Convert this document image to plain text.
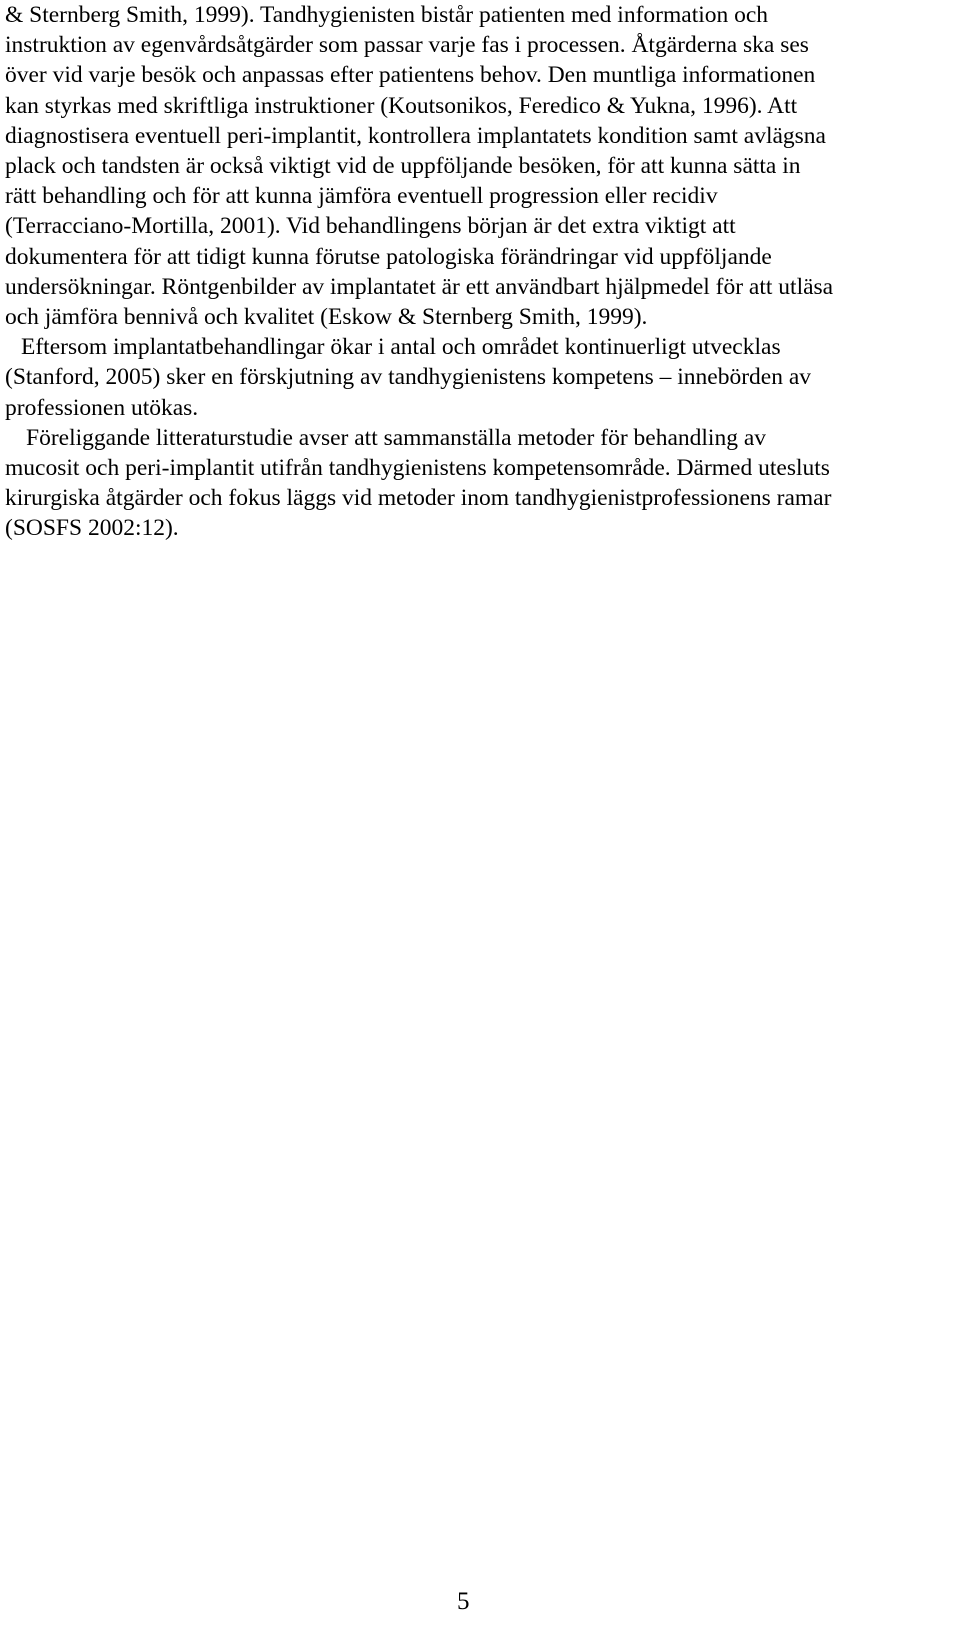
& Sternberg Smith, 1999). Tandhygienisten bistår patienten med information och
instruktion av egenvårdsåtgärder som passar varje fas i processen. Åtgärderna ska ses
över vid varje besök och anpassas efter patientens behov. Den muntliga informationen
kan styrkas med skriftliga instruktioner (Koutsonikos, Feredico & Yukna, 1996). Att
diagnostisera eventuell peri-implantit, kontrollera implantatets kondition samt avlägsna
plack och tandsten är också viktigt vid de uppföljande besöken, för att kunna sätta in
rätt behandling och för att kunna jämföra eventuell progression eller recidiv
(Terracciano-Mortilla, 2001). Vid behandlingens början är det extra viktigt att
dokumentera för att tidigt kunna förutse patologiska förändringar vid uppföljande
undersökningar. Röntgenbilder av implantatet är ett användbart hjälpmedel för att utläsa
och jämföra bennivå och kvalitet (Eskow & Sternberg Smith, 1999).

Eftersom implantatbehandlingar ökar i antal och området kontinuerligt utvecklas
(Stanford, 2005) sker en förskjutning av tandhygienistens kompetens – innebörden av
professionen utökas.

Föreliggande litteraturstudie avser att sammanställa metoder för behandling av
mucosit och peri-implantit utifrån tandhygienistens kompetensområde. Därmed utesluts
kirurgiska åtgärder och fokus läggs vid metoder inom tandhygienistprofessionens ramar
(SOSFS 2002:12).

5
